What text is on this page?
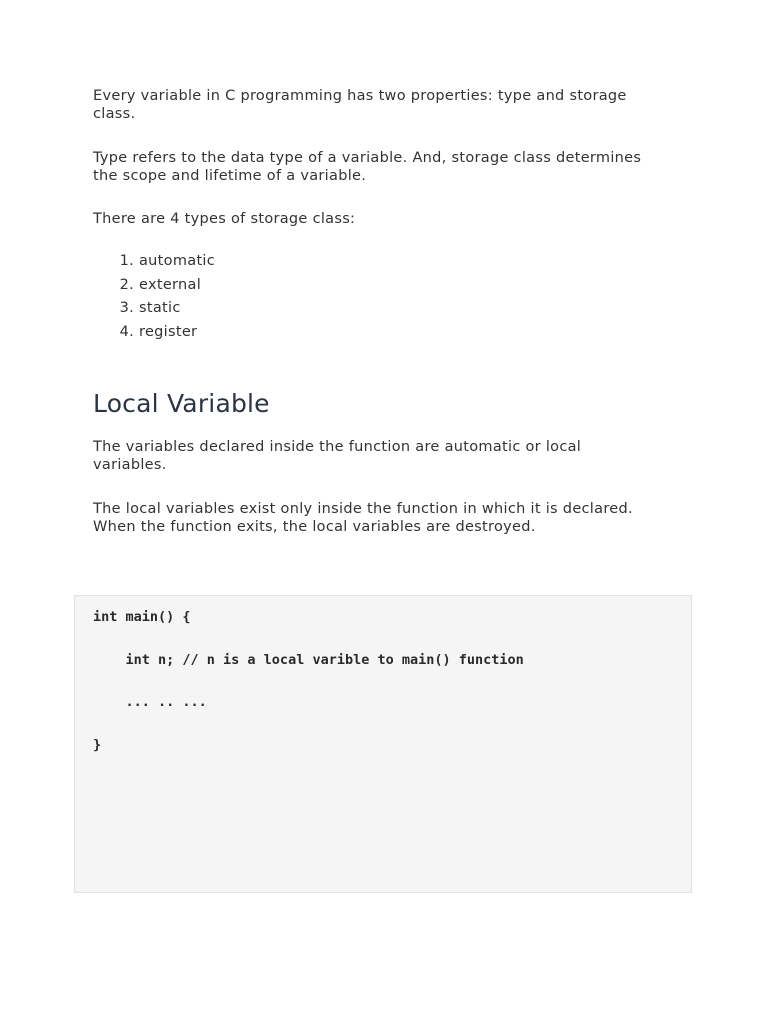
Every variable in C programming has two properties: type and storage class.

Type refers to the data type of a variable. And, storage class determines the scope and lifetime of a variable.

There are 4 types of storage class:

1. automatic
2. external
3. static
4. register
Local Variable

The variables declared inside the function are automatic or local variables.

The local variables exist only inside the function in which it is declared. When the function exits, the local variables are destroyed.

int main() {

int n; // n is a local varible to main() function

... .. ...

}
